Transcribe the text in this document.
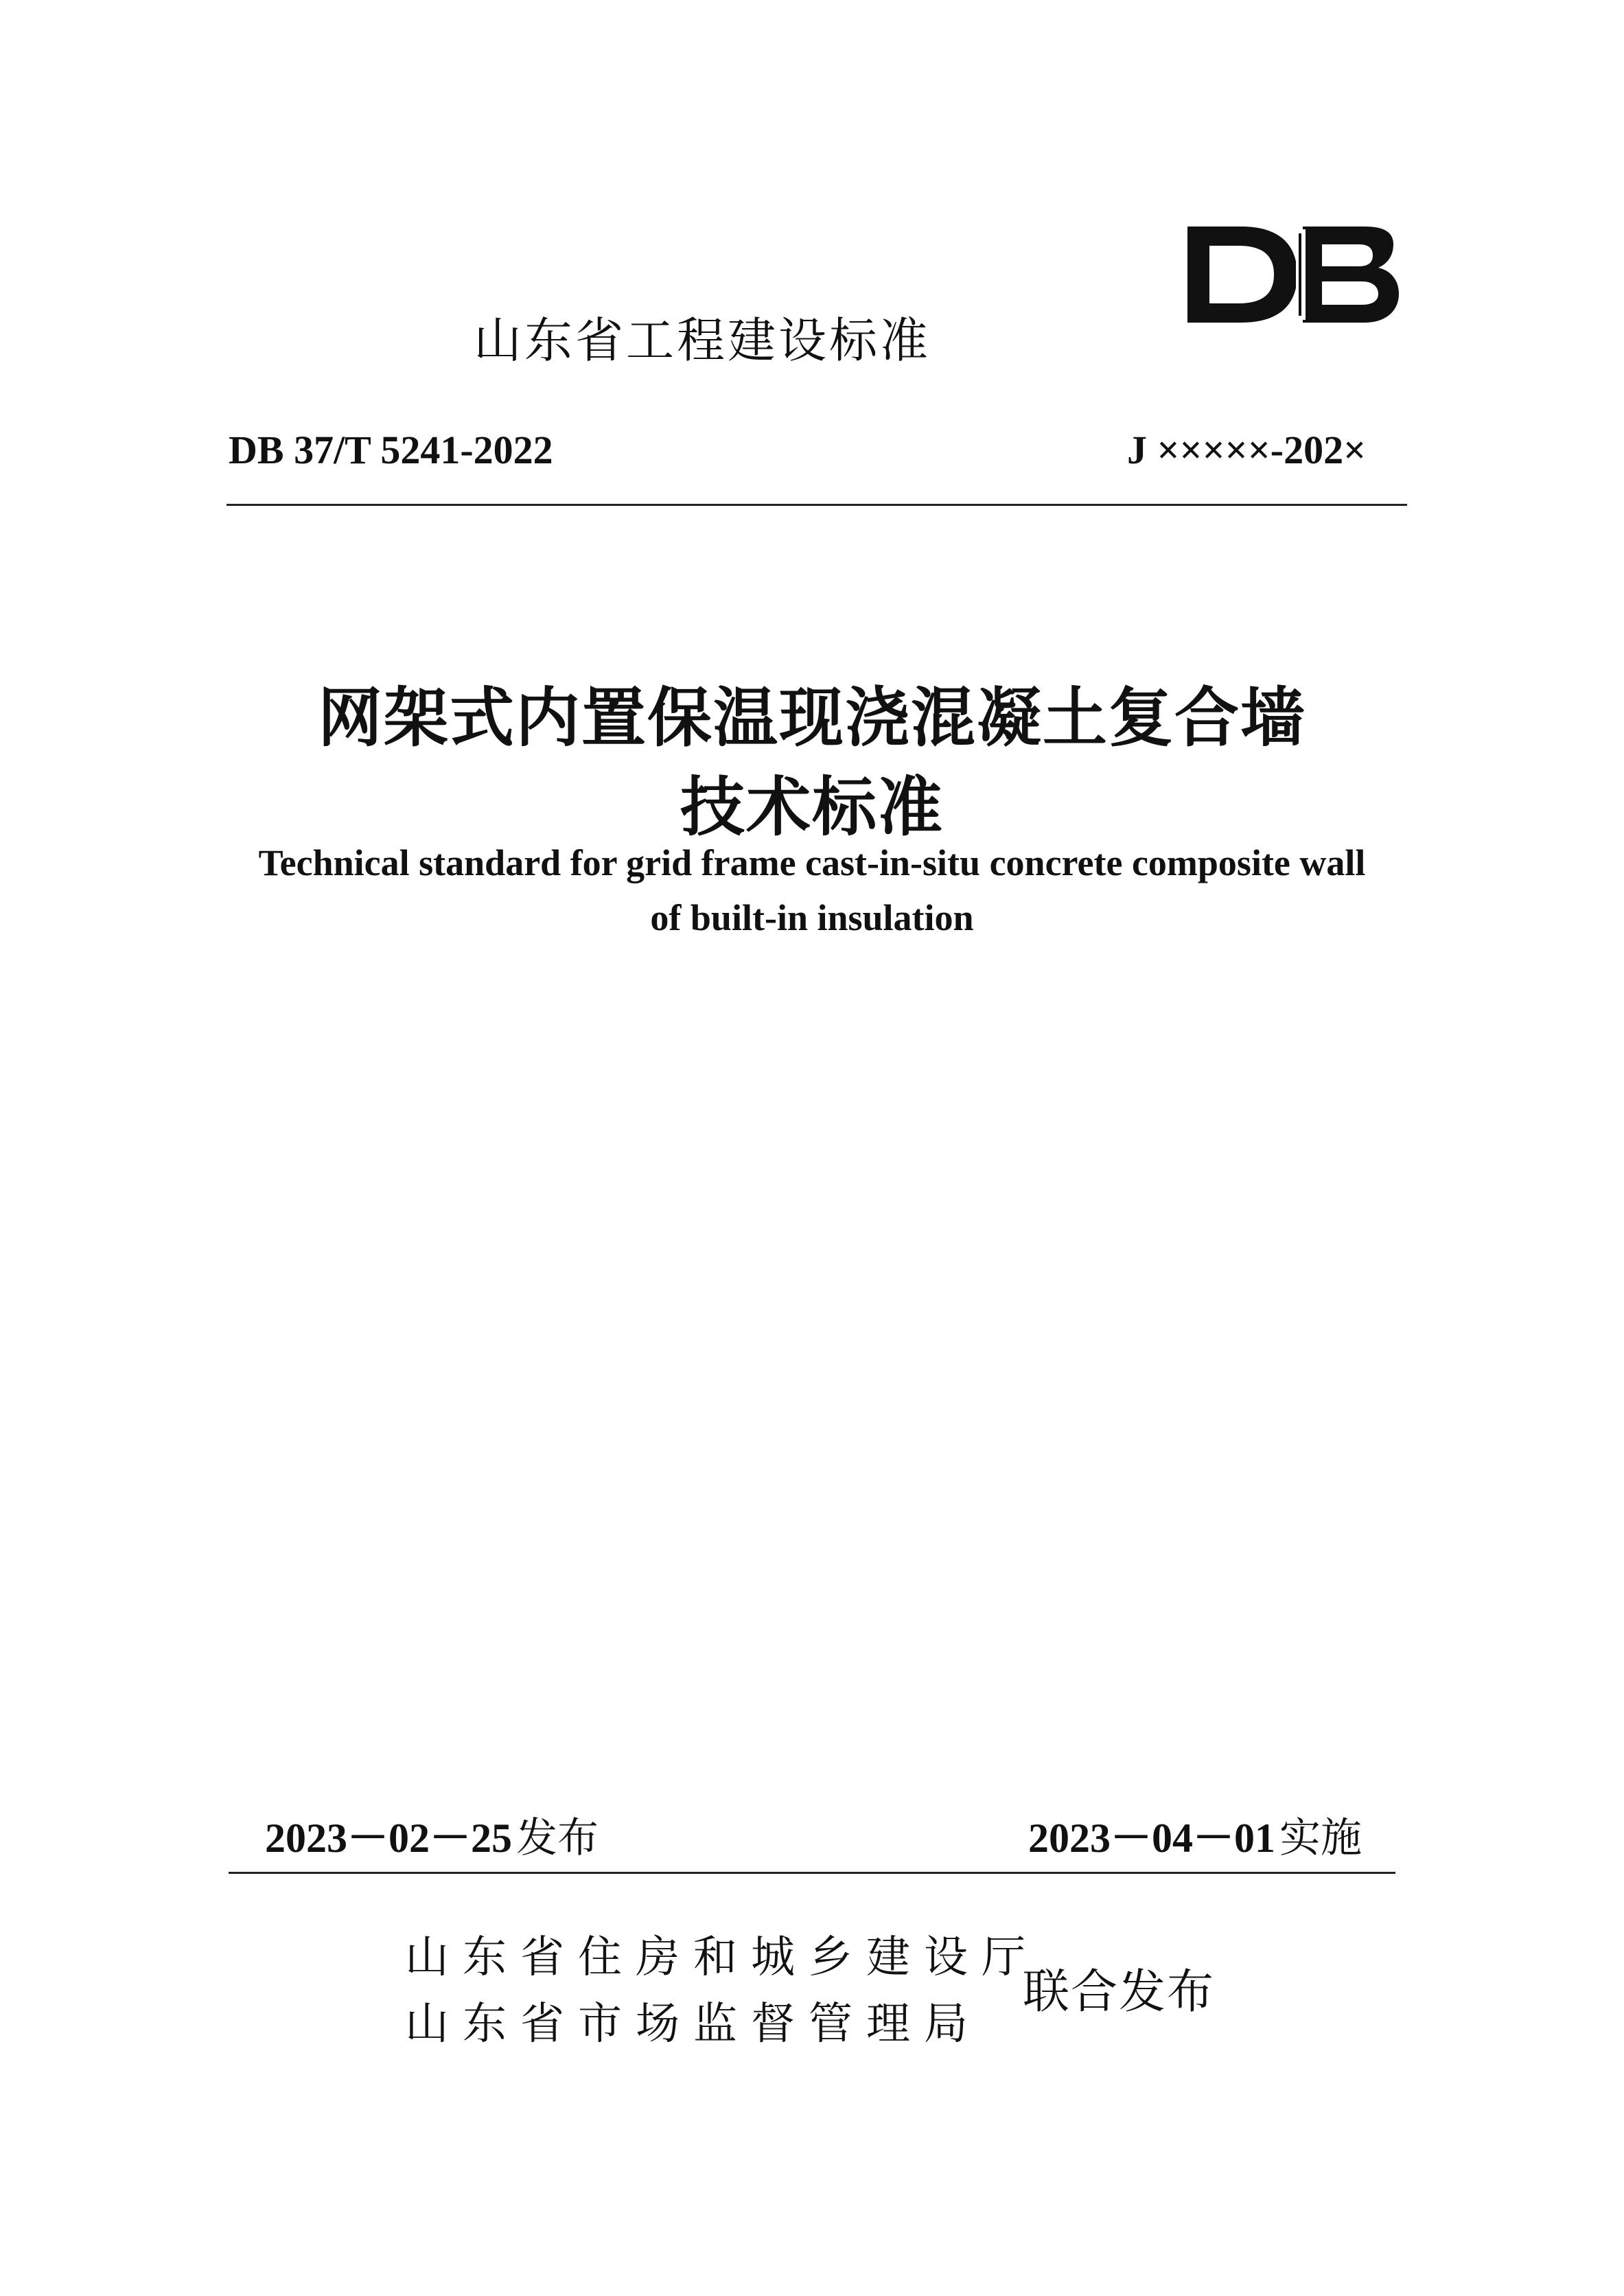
山东省工程建设标准
DB 37/T 5241-2022	J ×××××-202×
网架式内置保温现浇混凝土复合墙
技术标准
Technical standard for grid frame cast-in-situ concrete composite wall
of built-in insulation
2023－02－25 发布	2023－04－01 实施
山东省住房和城乡建设厅
山东省市场监督管理局
联合发布
